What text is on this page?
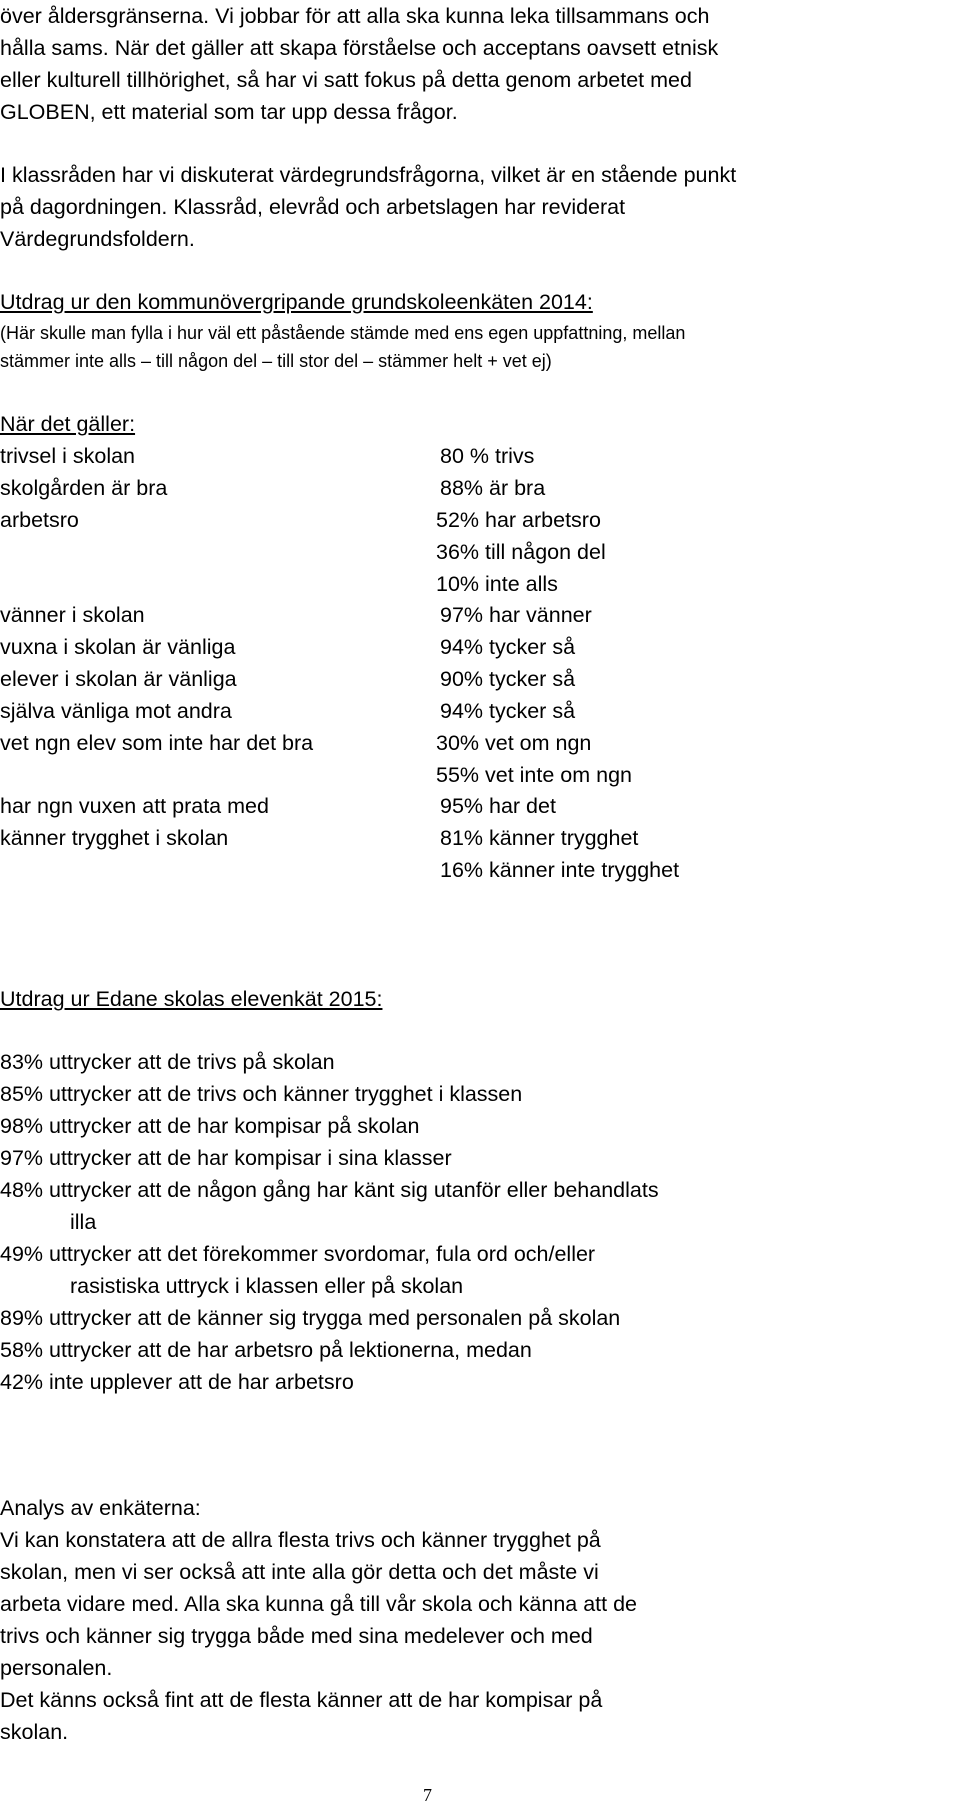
över åldersgränserna. Vi jobbar för att alla ska kunna leka tillsammans och
hålla sams. När det gäller att skapa förståelse och acceptans oavsett etnisk
eller kulturell tillhörighet, så har vi satt fokus på detta genom arbetet med
GLOBEN, ett material som tar upp dessa frågor.
I klassråden har vi diskuterat värdegrundsfrågorna, vilket är en stående punkt
på dagordningen. Klassråd, elevråd och arbetslagen har reviderat
Värdegrundsfoldern.
Utdrag ur den kommunövergripande grundskoleenkäten 2014:
(Här skulle man fylla i hur väl ett påstående stämde med ens egen uppfattning, mellan
stämmer inte alls – till någon del – till stor del – stämmer helt + vet ej)
När det gäller:
trivsel i skolan
skolgården är bra
arbetsro
vänner i skolan
vuxna i skolan är vänliga
elever i skolan är vänliga
själva vänliga mot andra
vet ngn elev som inte har det bra
har ngn vuxen att prata med
känner trygghet i skolan
80 % trivs
88% är bra
52% har arbetsro
36% till någon del
10% inte alls
97% har vänner
94% tycker så
90% tycker så
94% tycker så
30% vet om ngn
55% vet inte om ngn
95% har det
81% känner trygghet
16% känner inte trygghet
Utdrag ur Edane skolas elevenkät 2015:
83% uttrycker att de trivs på skolan
85% uttrycker att de trivs och känner trygghet i klassen
98% uttrycker att de har kompisar på skolan
97% uttrycker att de har kompisar i sina klasser
48% uttrycker att de någon gång har känt sig utanför eller behandlats
illa
49% uttrycker att det förekommer svordomar, fula ord och/eller
rasistiska uttryck i klassen eller på skolan
89% uttrycker att de känner sig trygga med personalen på skolan
58% uttrycker att de har arbetsro på lektionerna, medan
42% inte upplever att de har arbetsro
Analys av enkäterna:
Vi kan konstatera att de allra flesta trivs och känner trygghet på
skolan, men vi ser också att inte alla gör detta och det måste vi
arbeta vidare med. Alla ska kunna gå till vår skola och känna att de
trivs och känner sig trygga både med sina medelever och med
personalen.
Det känns också fint att de flesta känner att de har kompisar på
skolan.
7
